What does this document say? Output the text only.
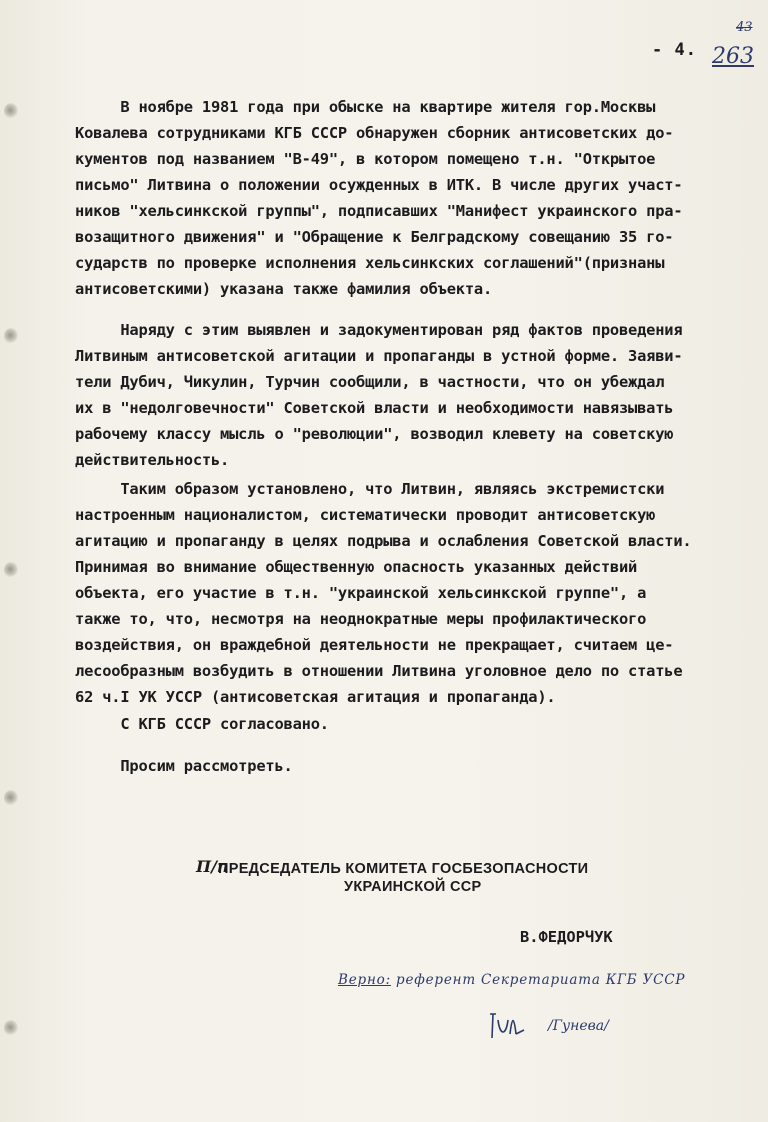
- 4.
43
263

В ноябре 1981 года при обыске на квартире жителя гор.Москвы
Ковалева сотрудниками КГБ СССР обнаружен сборник антисоветских до-
кументов под названием "В-49", в котором помещено т.н. "Открытое
письмо" Литвина о положении осужденных в ИТК. В числе других участ-
ников "хельсинкской группы", подписавших "Манифест украинского пра-
возащитного движения" и "Обращение к Белградскому совещанию 35 го-
сударств по проверке исполнения хельсинкских соглашений"(признаны
антисоветскими) указана также фамилия объекта.

Наряду с этим выявлен и задокументирован ряд фактов проведения
Литвиным антисоветской агитации и пропаганды в устной форме. Заяви-
тели Дубич, Чикулин, Турчин сообщили, в частности, что он убеждал
их в "недолговечности" Советской власти и необходимости навязывать
рабочему классу мысль о "революции", возводил клевету на советскую
действительность.

Таким образом установлено, что Литвин, являясь экстремистски
настроенным националистом, систематически проводит антисоветскую
агитацию и пропаганду в целях подрыва и ослабления Советской власти.
Принимая во внимание общественную опасность указанных действий
объекта, его участие в т.н. "украинской хельсинкской группе", а
также то, что, несмотря на неоднократные меры профилактического
воздействия, он враждебной деятельности не прекращает, считаем це-
лесообразным возбудить в отношении Литвина уголовное дело по статье
62 ч.I УК УССР (антисоветская агитация и пропаганда).

С КГБ СССР согласовано.

Просим рассмотреть.

П/п
ПРЕДСЕДАТЕЛЬ КОМИТЕТА ГОСБЕЗОПАСНОСТИ
УКРАИНСКОЙ ССР
В.ФЕДОРЧУК
Верно: референт Секретариата КГБ УССР
/Гунева/
